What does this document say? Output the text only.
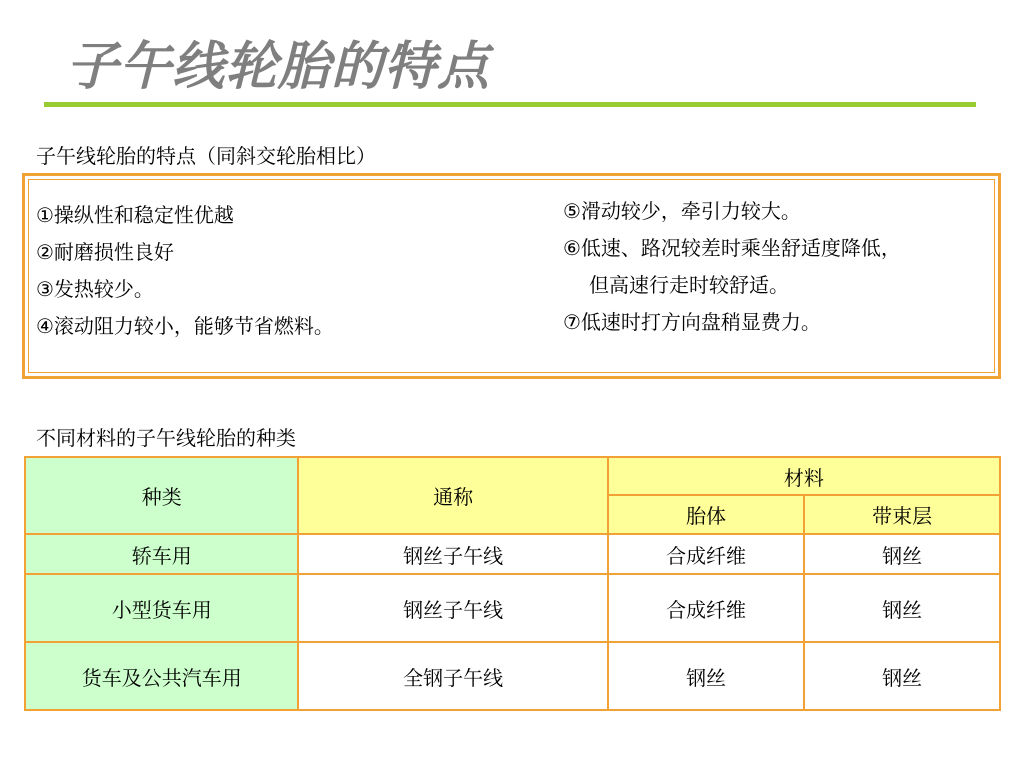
子午线轮胎的特点
子午线轮胎的特点（同斜交轮胎相比）
①操纵性和稳定性优越
②耐磨损性良好
③发热较少。
④滚动阻力较小，能够节省燃料。
⑤滑动较少，牵引力较大。
⑥低速、路况较差时乘坐舒适度降低，
但高速行走时较舒适。
⑦低速时打方向盘稍显费力。
不同材料的子午线轮胎的种类
种类	通称	材料	
		胎体	带束层
轿车用	钢丝子午线	合成纤维	钢丝
小型货车用	钢丝子午线	合成纤维	钢丝
货车及公共汽车用	全钢子午线	钢丝	钢丝
